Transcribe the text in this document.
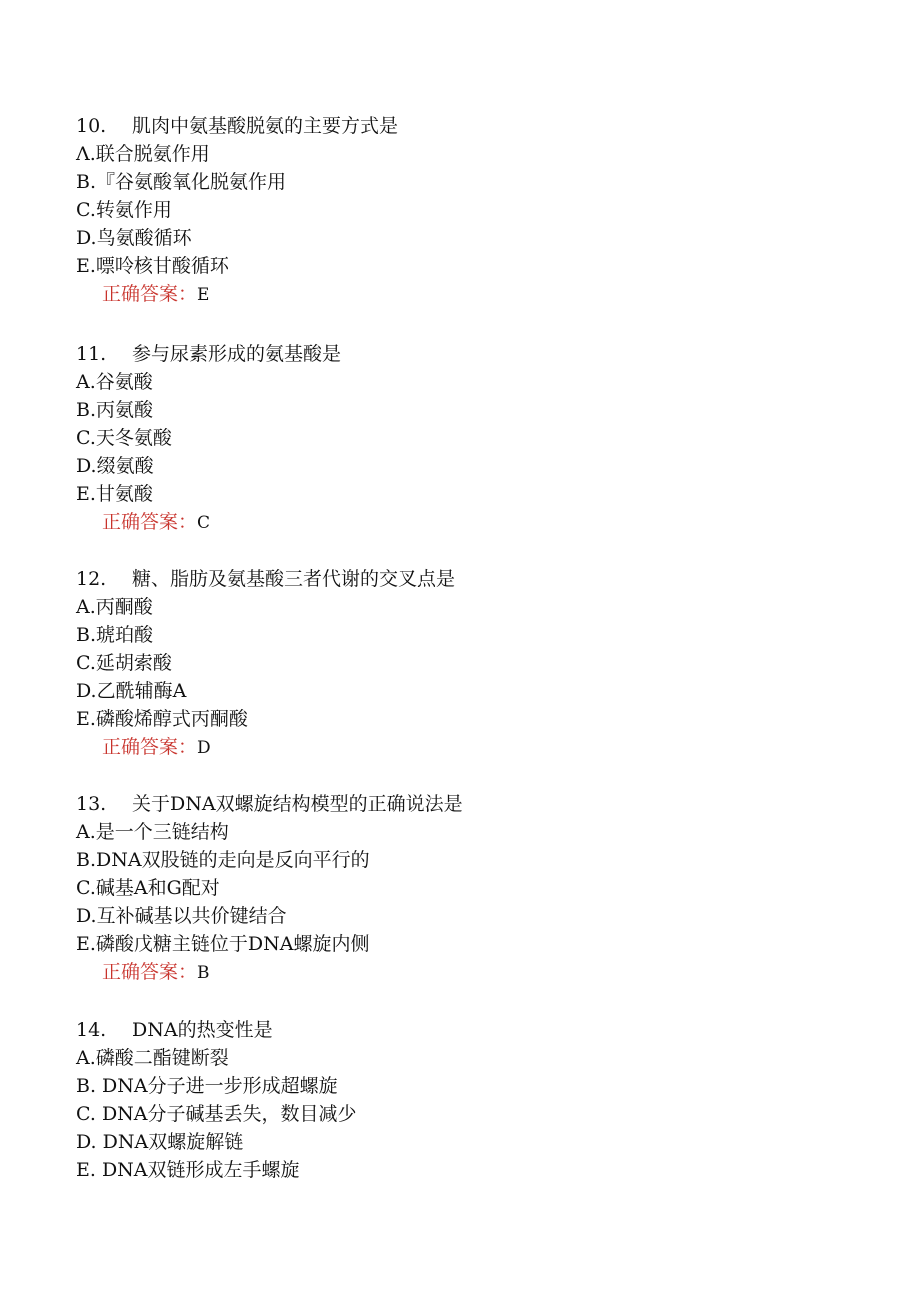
10. 肌肉中氨基酸脱氨的主要方式是
Λ.联合脱氨作用
B.『谷氨酸氧化脱氨作用
C.转氨作用
D.鸟氨酸循环
E.嘌呤核甘酸循环
正确答案：E
11. 参与尿素形成的氨基酸是
A.谷氨酸
B.丙氨酸
C.天冬氨酸
D.缀氨酸
E.甘氨酸
正确答案：C
12. 糖、脂肪及氨基酸三者代谢的交叉点是
A.丙酮酸
B.琥珀酸
C.延胡索酸
D.乙酰辅酶A
E.磷酸烯醇式丙酮酸
正确答案：D
13. 关于DNA双螺旋结构模型的正确说法是
A.是一个三链结构
B.DNA双股链的走向是反向平行的
C.碱基A和G配对
D.互补碱基以共价键结合
E.磷酸戊糖主链位于DNA螺旋内侧
正确答案：B
14. DNA的热变性是
A.磷酸二酯键断裂
B. DNA分子进一步形成超螺旋
C. DNA分子碱基丢失，数目减少
D. DNA双螺旋解链
E. DNA双链形成左手螺旋
